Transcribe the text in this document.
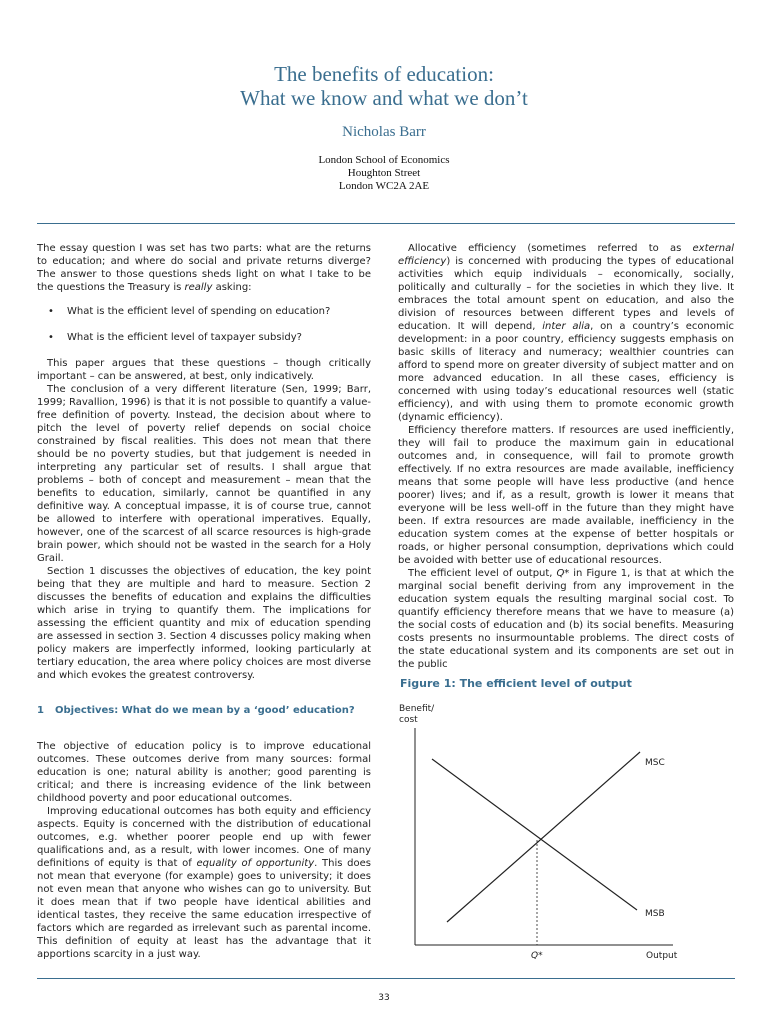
The benefits of education:
What we know and what we don’t
Nicholas Barr
London School of Economics
Houghton Street
London WC2A 2AE

The essay question I was set has two parts: what are the returns to education; and where do social and private returns diverge? The answer to those questions sheds light on what I take to be the questions the Treasury is really asking:

• What is the efficient level of spending on education?
• What is the efficient level of taxpayer subsidy?

This paper argues that these questions – though critically important – can be answered, at best, only indicatively.

The conclusion of a very different literature (Sen, 1999; Barr, 1999; Ravallion, 1996) is that it is not possible to quantify a value-free definition of poverty. Instead, the decision about where to pitch the level of poverty relief depends on social choice constrained by fiscal realities. This does not mean that there should be no poverty studies, but that judgement is needed in interpreting any particular set of results. I shall argue that problems – both of concept and measurement – mean that the benefits to education, similarly, cannot be quantified in any definitive way. A conceptual impasse, it is of course true, cannot be allowed to interfere with operational imperatives. Equally, however, one of the scarcest of all scarce resources is high-grade brain power, which should not be wasted in the search for a Holy Grail.

Section 1 discusses the objectives of education, the key point being that they are multiple and hard to measure. Section 2 discusses the benefits of education and explains the difficulties which arise in trying to quantify them. The implications for assessing the efficient quantity and mix of education spending are assessed in section 3. Section 4 discusses policy making when policy makers are imperfectly informed, looking particularly at tertiary education, the area where policy choices are most diverse and which evokes the greatest controversy.

1 Objectives: What do we mean by a ‘good’ education?

The objective of education policy is to improve educational outcomes. These outcomes derive from many sources: formal education is one; natural ability is another; good parenting is critical; and there is increasing evidence of the link between childhood poverty and poor educational outcomes.

Improving educational outcomes has both equity and efficiency aspects. Equity is concerned with the distribution of educational outcomes, e.g. whether poorer people end up with fewer qualifications and, as a result, with lower incomes. One of many definitions of equity is that of equality of opportunity. This does not mean that everyone (for example) goes to university; it does not even mean that anyone who wishes can go to university. But it does mean that if two people have identical abilities and identical tastes, they receive the same education irrespective of factors which are regarded as irrelevant such as parental income. This definition of equity at least has the advantage that it apportions scarcity in a just way.

Allocative efficiency (sometimes referred to as external efficiency) is concerned with producing the types of educational activities which equip individuals – economically, socially, politically and culturally – for the societies in which they live. It embraces the total amount spent on education, and also the division of resources between different types and levels of education. It will depend, inter alia, on a country’s economic development: in a poor country, efficiency suggests emphasis on basic skills of literacy and numeracy; wealthier countries can afford to spend more on greater diversity of subject matter and on more advanced education. In all these cases, efficiency is concerned with using today’s educational resources well (static efficiency), and with using them to promote economic growth (dynamic efficiency).

Efficiency therefore matters. If resources are used inefficiently, they will fail to produce the maximum gain in educational outcomes and, in consequence, will fail to promote growth effectively. If no extra resources are made available, inefficiency means that some people will have less productive (and hence poorer) lives; and if, as a result, growth is lower it means that everyone will be less well-off in the future than they might have been. If extra resources are made available, inefficiency in the education system comes at the expense of better hospitals or roads, or higher personal consumption, deprivations which could be avoided with better use of educational resources.

The efficient level of output, Q* in Figure 1, is that at which the marginal social benefit deriving from any improvement in the education system equals the resulting marginal social cost. To quantify efficiency therefore means that we have to measure (a) the social costs of education and (b) its social benefits. Measuring costs presents no insurmountable problems. The direct costs of the state educational system and its components are set out in the public

Figure 1: The efficient level of output
Benefit/
cost
MSC
MSB
Q*	Output
33
